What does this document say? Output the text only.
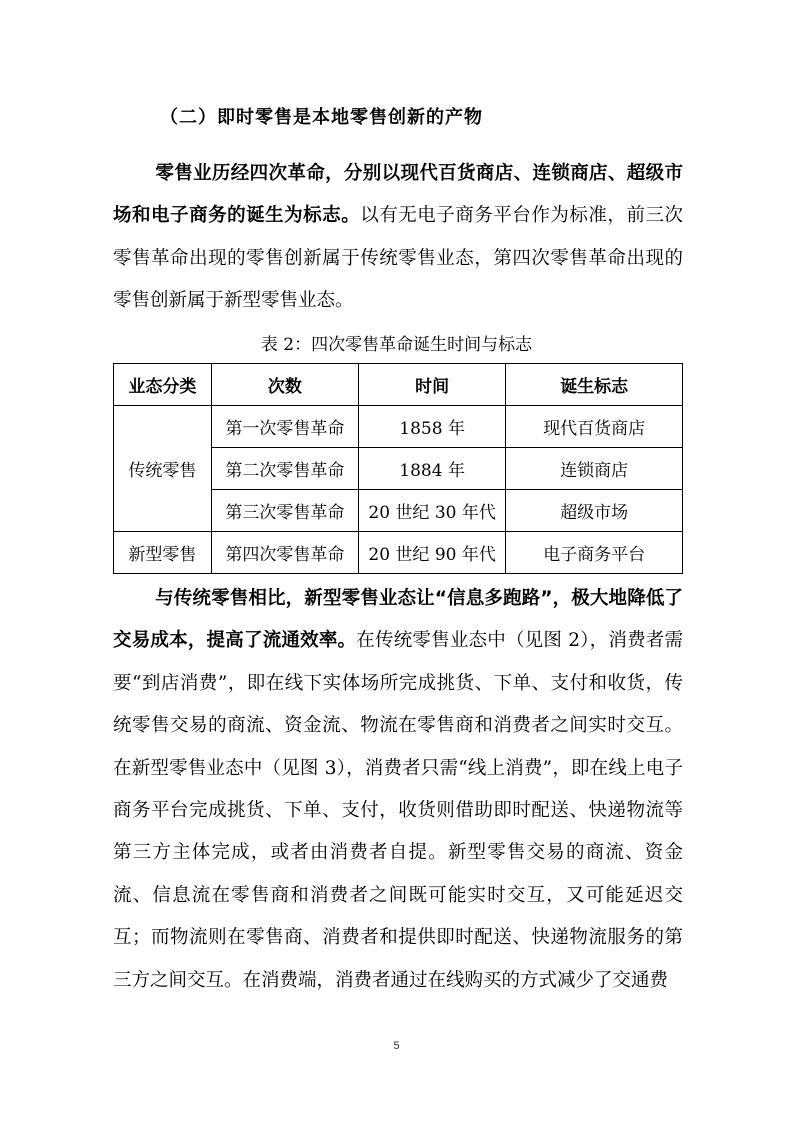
（二）即时零售是本地零售创新的产物

零售业历经四次革命，分别以现代百货商店、连锁商店、超级市场和电子商务的诞生为标志。以有无电子商务平台作为标准，前三次零售革命出现的零售创新属于传统零售业态，第四次零售革命出现的零售创新属于新型零售业态。

表 2：四次零售革命诞生时间与标志
业态分类	次数	时间	诞生标志
传统零售	第一次零售革命	1858 年	现代百货商店
	第二次零售革命	1884 年	连锁商店
	第三次零售革命	20 世纪 30 年代	超级市场
新型零售	第四次零售革命	20 世纪 90 年代	电子商务平台

与传统零售相比，新型零售业态让“信息多跑路”，极大地降低了交易成本，提高了流通效率。在传统零售业态中（见图 2），消费者需要“到店消费”，即在线下实体场所完成挑货、下单、支付和收货，传统零售交易的商流、资金流、物流在零售商和消费者之间实时交互。在新型零售业态中（见图 3），消费者只需“线上消费”，即在线上电子商务平台完成挑货、下单、支付，收货则借助即时配送、快递物流等第三方主体完成，或者由消费者自提。新型零售交易的商流、资金流、信息流在零售商和消费者之间既可能实时交互，又可能延迟交互；而物流则在零售商、消费者和提供即时配送、快递物流服务的第三方之间交互。在消费端，消费者通过在线购买的方式减少了交通费

5
